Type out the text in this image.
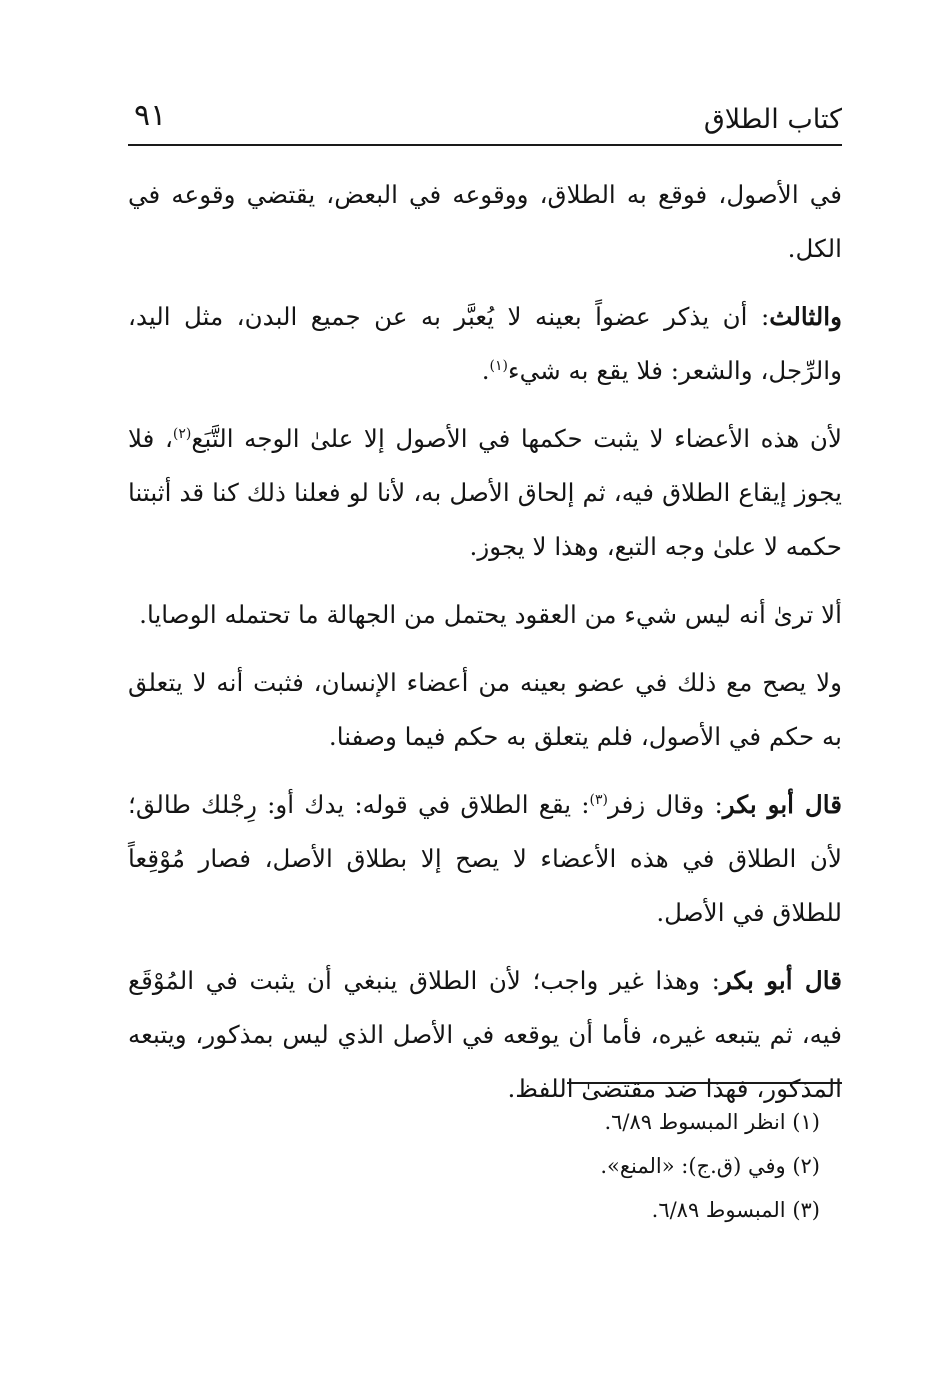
كتاب الطلاق
٩١

في الأصول، فوقع به الطلاق، ووقوعه في البعض، يقتضي وقوعه في الكل.

والثالث: أن يذكر عضواً بعينه لا يُعبَّر به عن جميع البدن، مثل اليد، والرِّجل، والشعر: فلا يقع به شيء$^{(١)}$.

لأن هذه الأعضاء لا يثبت حكمها في الأصول إلا علىٰ الوجه التَّبَع$^{(٢)}$، فلا يجوز إيقاع الطلاق فيه، ثم إلحاق الأصل به، لأنا لو فعلنا ذلك كنا قد أثبتنا حكمه لا علىٰ وجه التبع، وهذا لا يجوز.

ألا ترىٰ أنه ليس شيء من العقود يحتمل من الجهالة ما تحتمله الوصايا.

ولا يصح مع ذلك في عضو بعينه من أعضاء الإنسان، فثبت أنه لا يتعلق به حكم في الأصول، فلم يتعلق به حكم فيما وصفنا.

قال أبو بكر: وقال زفر$^{(٣)}$: يقع الطلاق في قوله: يدك أو: رِجْلك طالق؛ لأن الطلاق في هذه الأعضاء لا يصح إلا بطلاق الأصل، فصار مُوْقِعاً للطلاق في الأصل.

قال أبو بكر: وهذا غير واجب؛ لأن الطلاق ينبغي أن يثبت في المُوْقَع فيه، ثم يتبعه غيره، فأما أن يوقعه في الأصل الذي ليس بمذكور، ويتبعه المذكور، فهذا ضد مقتضىٰ اللفظ.

(١) انظر المبسوط ٦/٨٩.
(٢) وفي (ق.ج): «المنع».
(٣) المبسوط ٦/٨٩.
